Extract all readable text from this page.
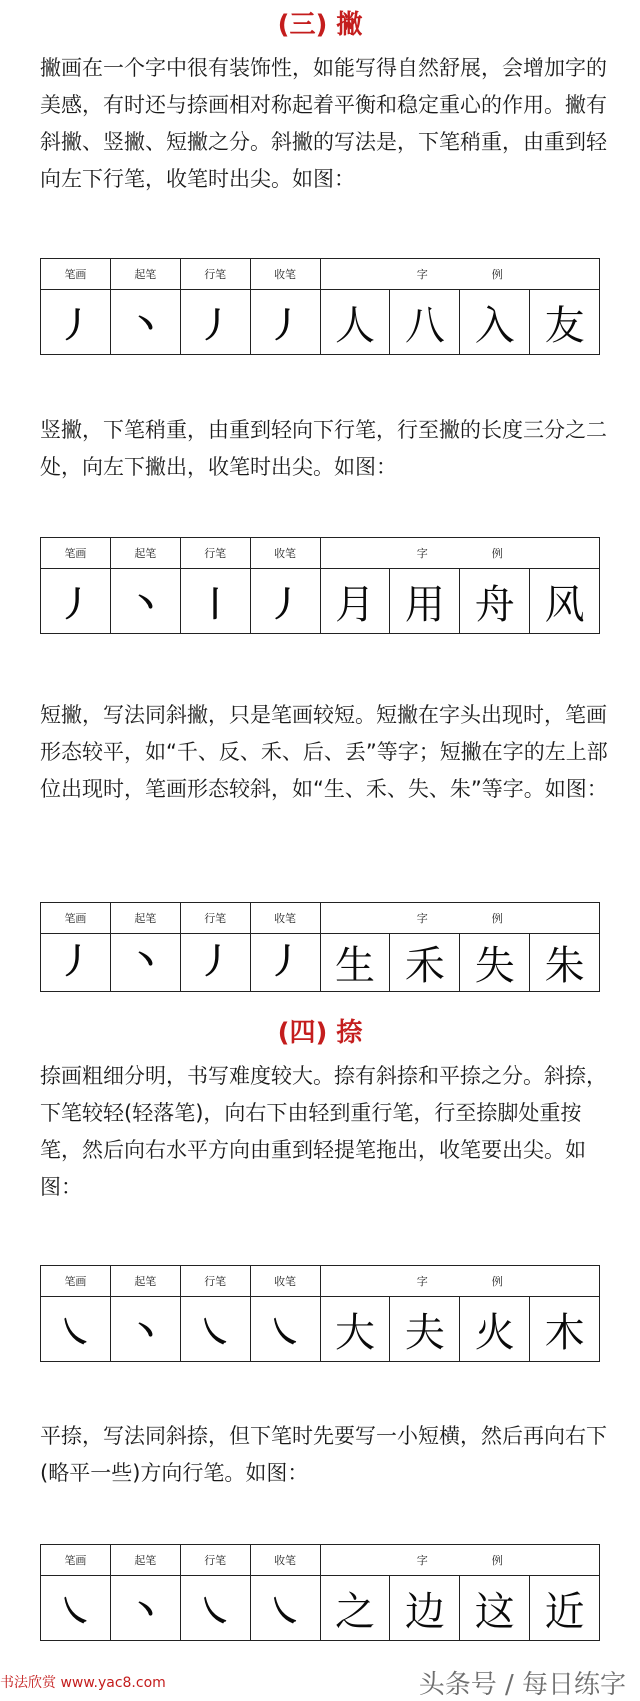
(三) 撇

撇画在一个字中很有装饰性，如能写得自然舒展，会增加字的美感，有时还与捺画相对称起着平衡和稳定重心的作用。撇有斜撇、竖撇、短撇之分。斜撇的写法是，下笔稍重，由重到轻向左下行笔，收笔时出尖。如图：

笔画	起笔	行笔	收笔	字例			
丿	丶	丿	丿	人	八	入	友

竖撇，下笔稍重，由重到轻向下行笔，行至撇的长度三分之二处，向左下撇出，收笔时出尖。如图：

笔画	起笔	行笔	收笔	字例			
丿	丶	丨	丿	月	用	舟	风

短撇，写法同斜撇，只是笔画较短。短撇在字头出现时，笔画形态较平，如“千、反、禾、后、丢”等字；短撇在字的左上部位出现时，笔画形态较斜，如“生、禾、失、朱”等字。如图：

笔画	起笔	行笔	收笔	字例			
丿	丶	丿	丿	生	禾	失	朱
(四) 捺

捺画粗细分明，书写难度较大。捺有斜捺和平捺之分。斜捺，下笔较轻(轻落笔)，向右下由轻到重行笔，行至捺脚处重按笔，然后向右水平方向由重到轻提笔拖出，收笔要出尖。如图：

笔画	起笔	行笔	收笔	字例			
㇏	丶	㇏	㇏	大	夫	火	木

平捺，写法同斜捺，但下笔时先要写一小短横，然后再向右下(略平一些)方向行笔。如图：

笔画	起笔	行笔	收笔	字例			
㇏	丶	㇏	㇏	之	边	这	近
书法欣赏 www.yac8.com	头条号 / 每日练字
